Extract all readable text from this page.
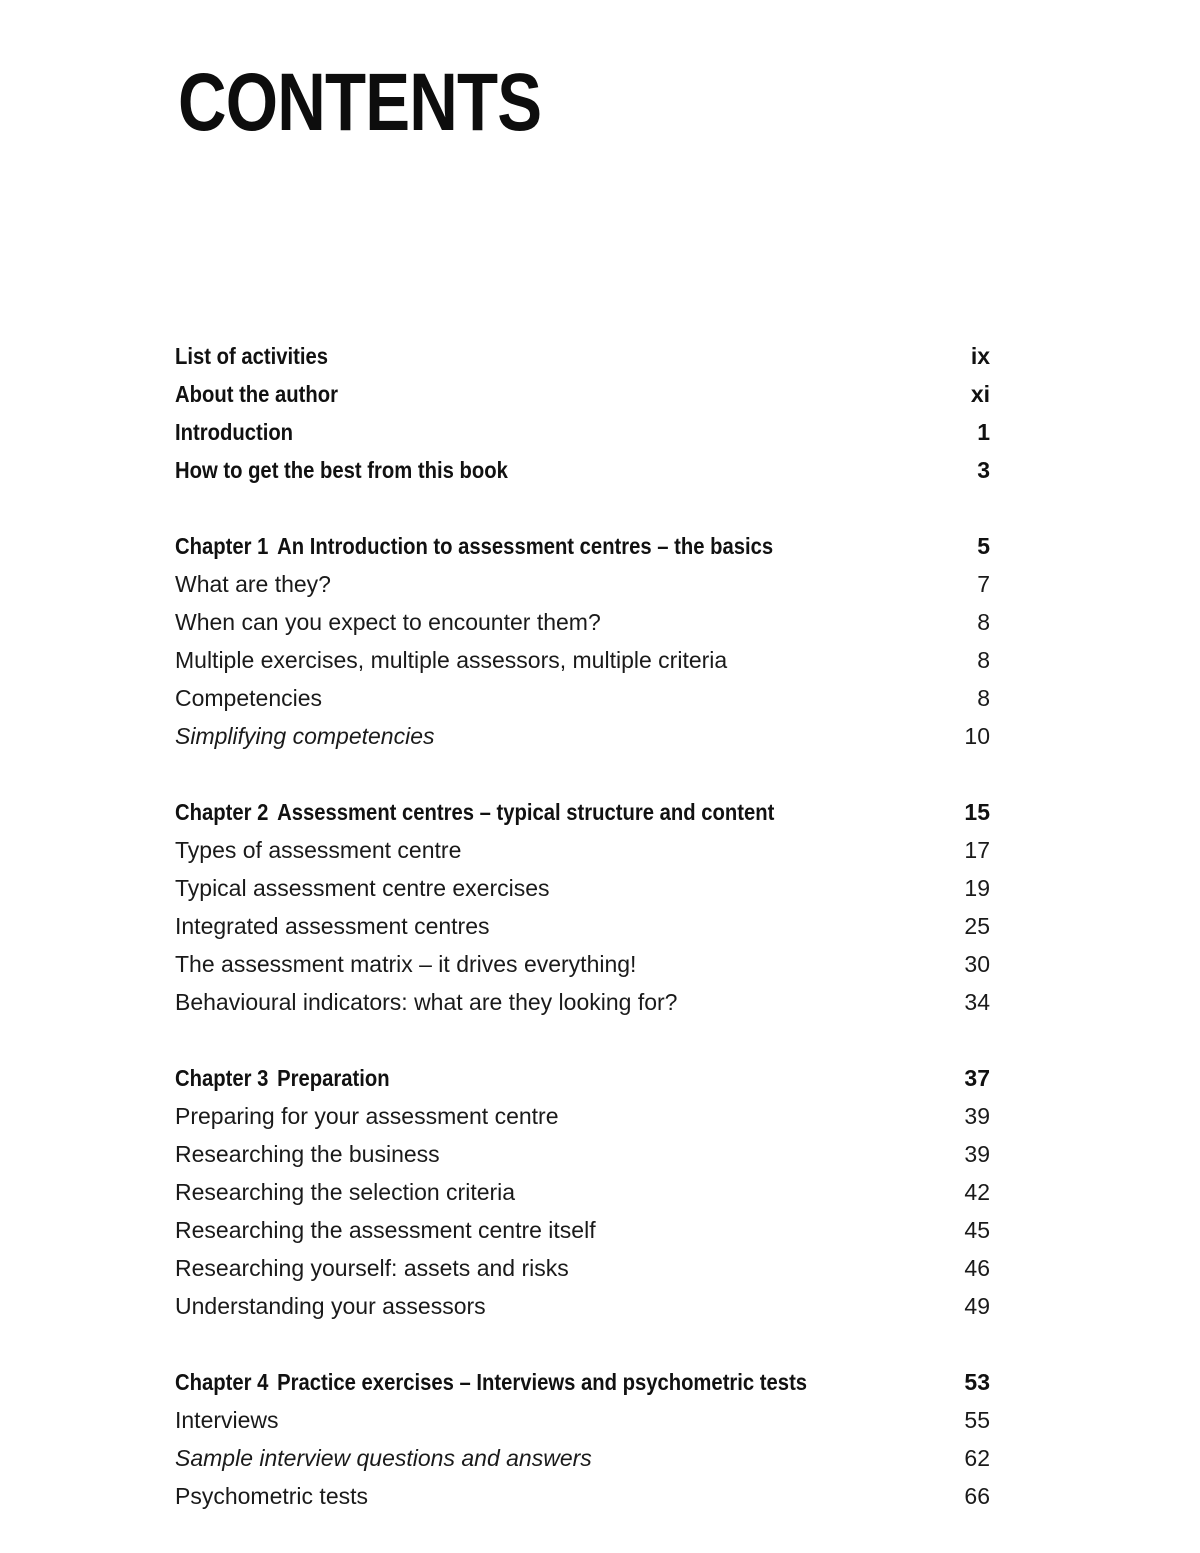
CONTENTS
List of activities	ix
About the author	xi
Introduction	1
How to get the best from this book	3
Chapter 1 An Introduction to assessment centres – the basics	5
What are they?	7
When can you expect to encounter them?	8
Multiple exercises, multiple assessors, multiple criteria	8
Competencies	8
Simplifying competencies	10
Chapter 2 Assessment centres – typical structure and content	15
Types of assessment centre	17
Typical assessment centre exercises	19
Integrated assessment centres	25
The assessment matrix – it drives everything!	30
Behavioural indicators: what are they looking for?	34
Chapter 3 Preparation	37
Preparing for your assessment centre	39
Researching the business	39
Researching the selection criteria	42
Researching the assessment centre itself	45
Researching yourself: assets and risks	46
Understanding your assessors	49
Chapter 4 Practice exercises – Interviews and psychometric tests	53
Interviews	55
Sample interview questions and answers	62
Psychometric tests	66
